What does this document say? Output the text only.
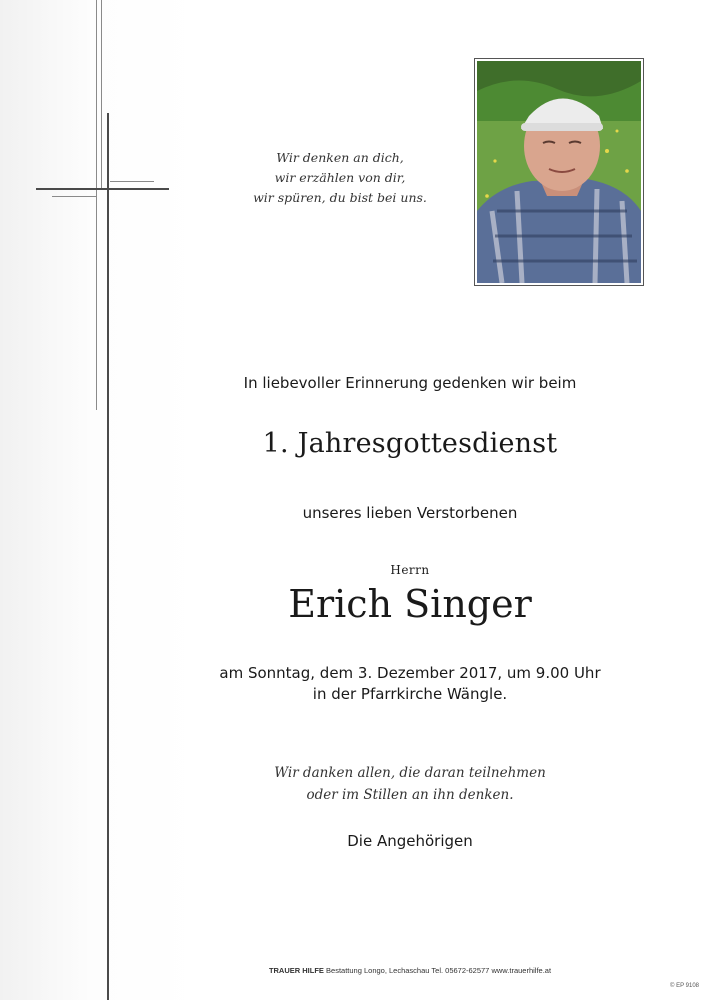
Wir denken an dich,
wir erzählen von dir,
wir spüren, du bist bei uns.
In liebevoller Erinnerung gedenken wir beim
1. Jahresgottesdienst
unseres lieben Verstorbenen
Herrn
Erich Singer
am Sonntag, dem 3. Dezember 2017, um 9.00 Uhr
in der Pfarrkirche Wängle.
Wir danken allen, die daran teilnehmen
oder im Stillen an ihn denken.
Die Angehörigen
TRAUER HILFE Bestattung Longo, Lechaschau Tel. 05672-62577 www.trauerhilfe.at
© EP 9108
